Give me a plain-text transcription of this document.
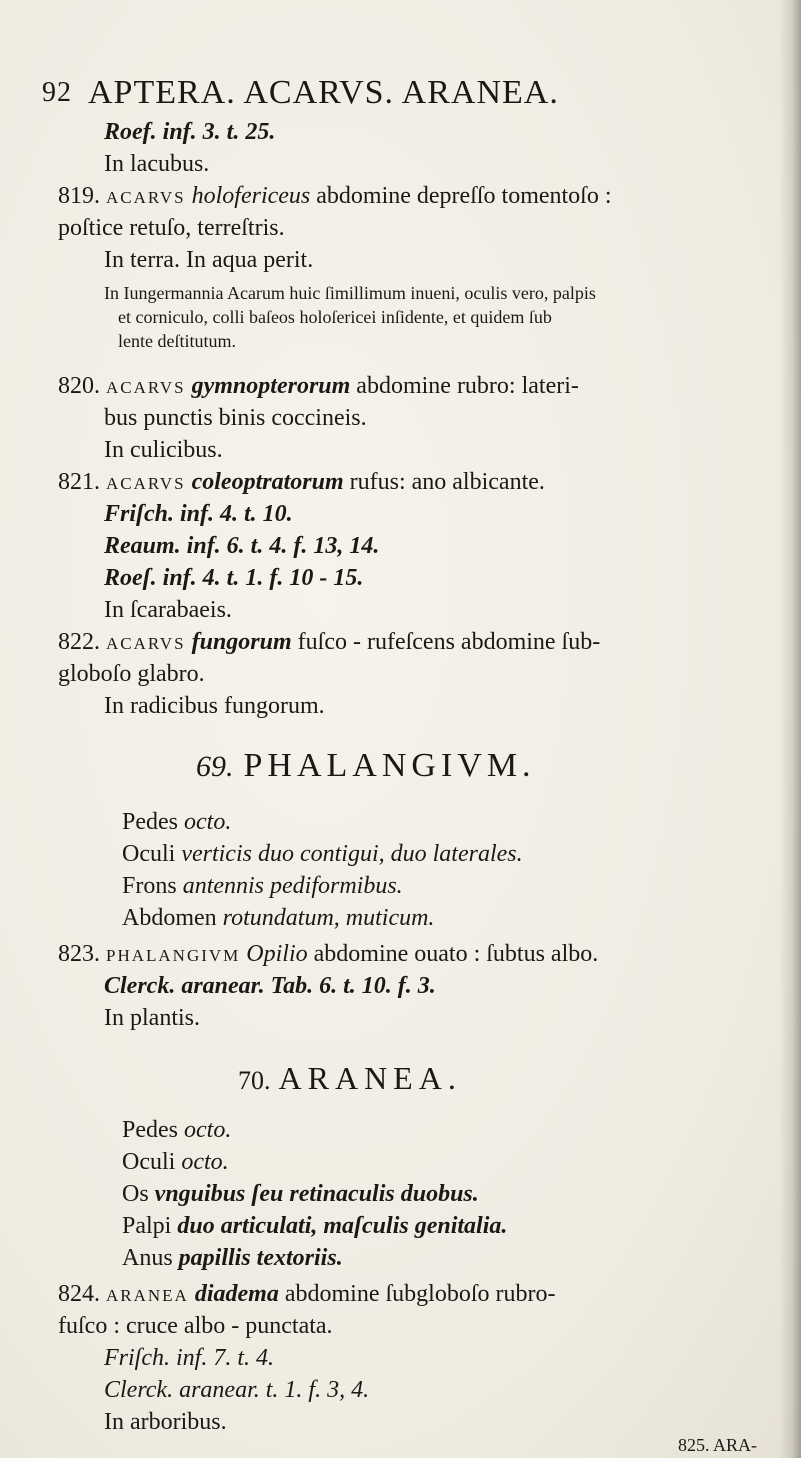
92 APTERA. ACARVS. ARANEA.
Roef. inf. 3. t. 25.
In lacubus.
819. ACARVS holofericeus abdomine depreſſo tomentoſo :
poſtice retuſo, terreſtris.
In terra. In aqua perit.
In Iungermannia Acarum huic ſimillimum inueni, oculis vero, palpis
et corniculo, colli baſeos holoſericei inſidente, et quidem ſub
lente deſtitutum.
820. ACARVS gymnopterorum abdomine rubro: lateri-
bus punctis binis coccineis.
In culicibus.
821. ACARVS coleoptratorum rufus: ano albicante.
Friſch. inf. 4. t. 10.
Reaum. inf. 6. t. 4. f. 13, 14.
Roeſ. inf. 4. t. 1. f. 10 - 15.
In ſcarabaeis.
822. ACARVS fungorum fuſco - rufeſcens abdomine ſub-
globoſo glabro.
In radicibus fungorum.
69. PHALANGIVM.
Pedes octo.
Oculi verticis duo contigui, duo laterales.
Frons antennis pediformibus.
Abdomen rotundatum, muticum.
823. PHALANGIVM Opilio abdomine ouato : ſubtus albo.
Clerck. aranear. Tab. 6. t. 10. f. 3.
In plantis.
70. ARANEA.
Pedes octo.
Oculi octo.
Os vnguibus ſeu retinaculis duobus.
Palpi duo articulati, maſculis genitalia.
Anus papillis textoriis.
824. ARANEA diadema abdomine ſubgloboſo rubro-
fuſco : cruce albo - punctata.
Friſch. inf. 7. t. 4.
Clerck. aranear. t. 1. f. 3, 4.
In arboribus.
825. ARA-
